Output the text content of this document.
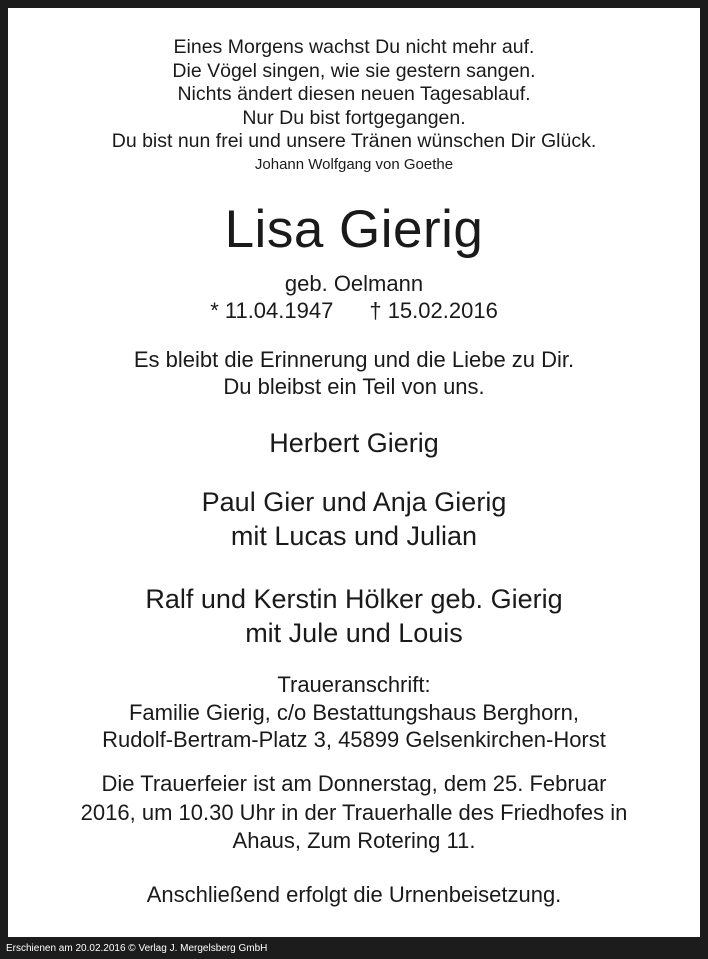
Eines Morgens wachst Du nicht mehr auf.
Die Vögel singen, wie sie gestern sangen.
Nichts ändert diesen neuen Tagesablauf.
Nur Du bist fortgegangen.
Du bist nun frei und unsere Tränen wünschen Dir Glück.
Johann Wolfgang von Goethe
Lisa Gierig
geb. Oelmann
* 11.04.1947 † 15.02.2016
Es bleibt die Erinnerung und die Liebe zu Dir.
Du bleibst ein Teil von uns.
Herbert Gierig
Paul Gier und Anja Gierig
mit Lucas und Julian
Ralf und Kerstin Hölker geb. Gierig
mit Jule und Louis
Traueranschrift:
Familie Gierig, c/o Bestattungshaus Berghorn,
Rudolf-Bertram-Platz 3, 45899 Gelsenkirchen-Horst
Die Trauerfeier ist am Donnerstag, dem 25. Februar
2016, um 10.30 Uhr in der Trauerhalle des Friedhofes in
Ahaus, Zum Rotering 11.
Anschließend erfolgt die Urnenbeisetzung.
Erschienen am 20.02.2016 © Verlag J. Mergelsberg GmbH
